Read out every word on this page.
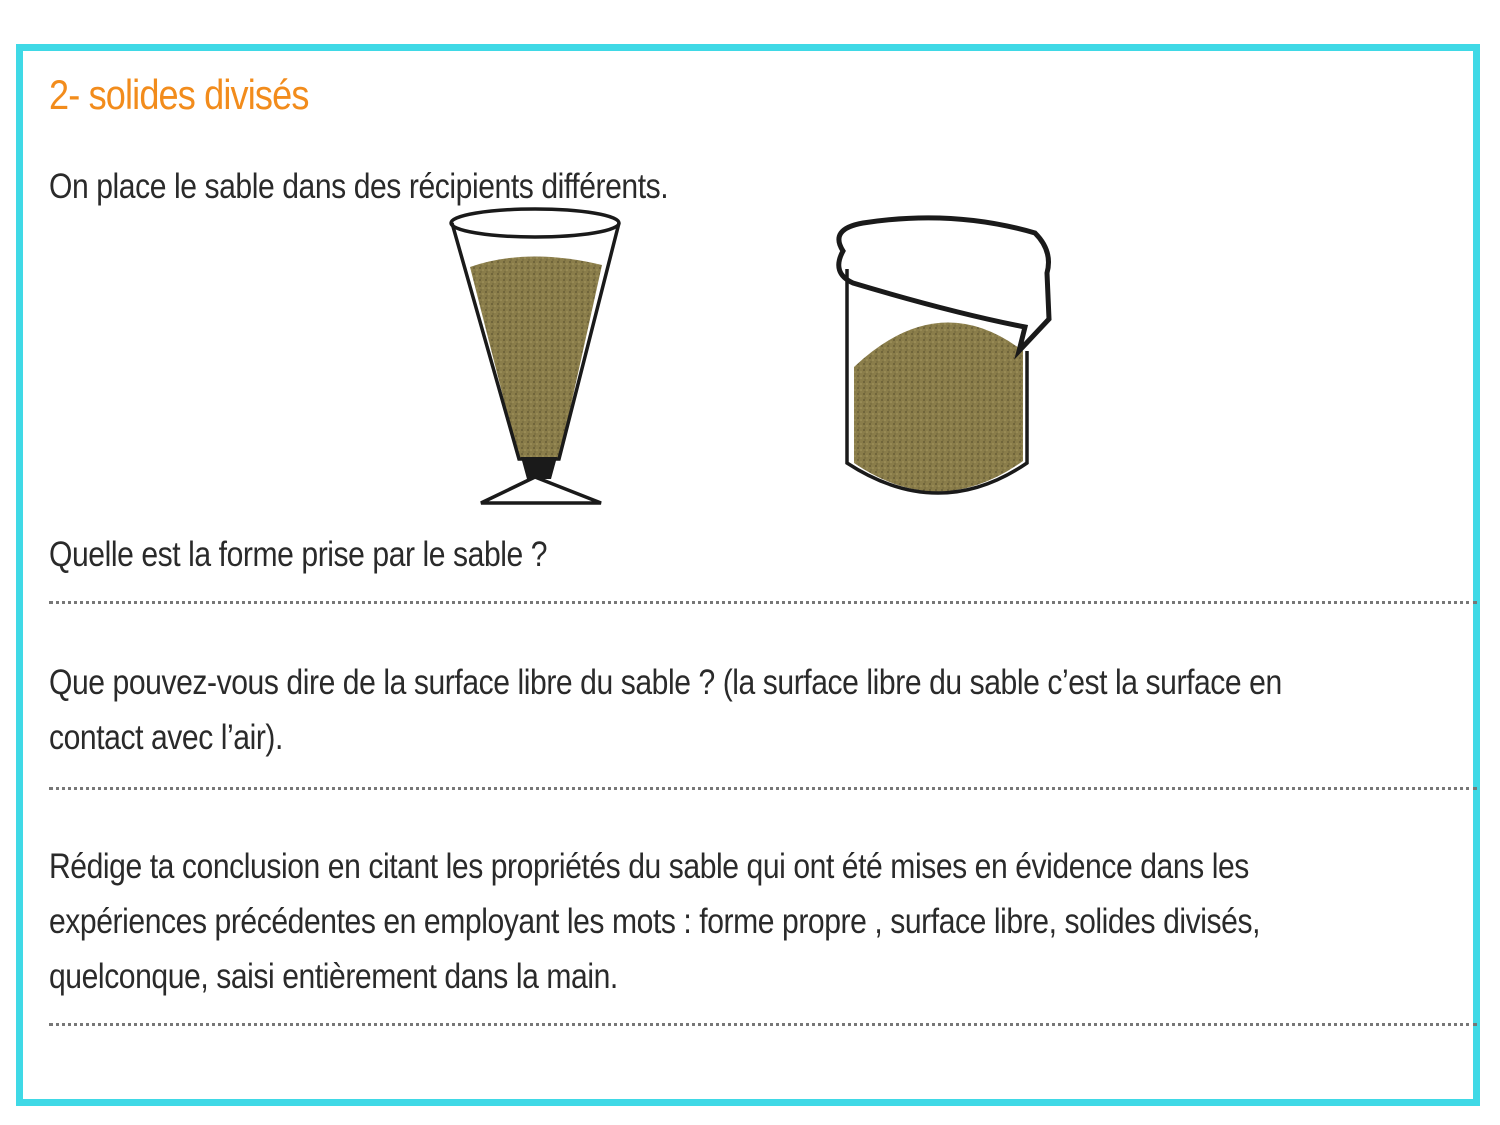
2- solides divisés

On place le sable dans des récipients différents.

Quelle est la forme prise par le sable ?

Que pouvez-vous dire de la surface libre du sable ? (la surface libre du sable c’est la surface en
contact avec l’air).

Rédige ta conclusion en citant les propriétés du sable qui ont été mises en évidence dans les
expériences précédentes en employant les mots : forme propre , surface libre, solides divisés,
quelconque, saisi entièrement dans la main.
